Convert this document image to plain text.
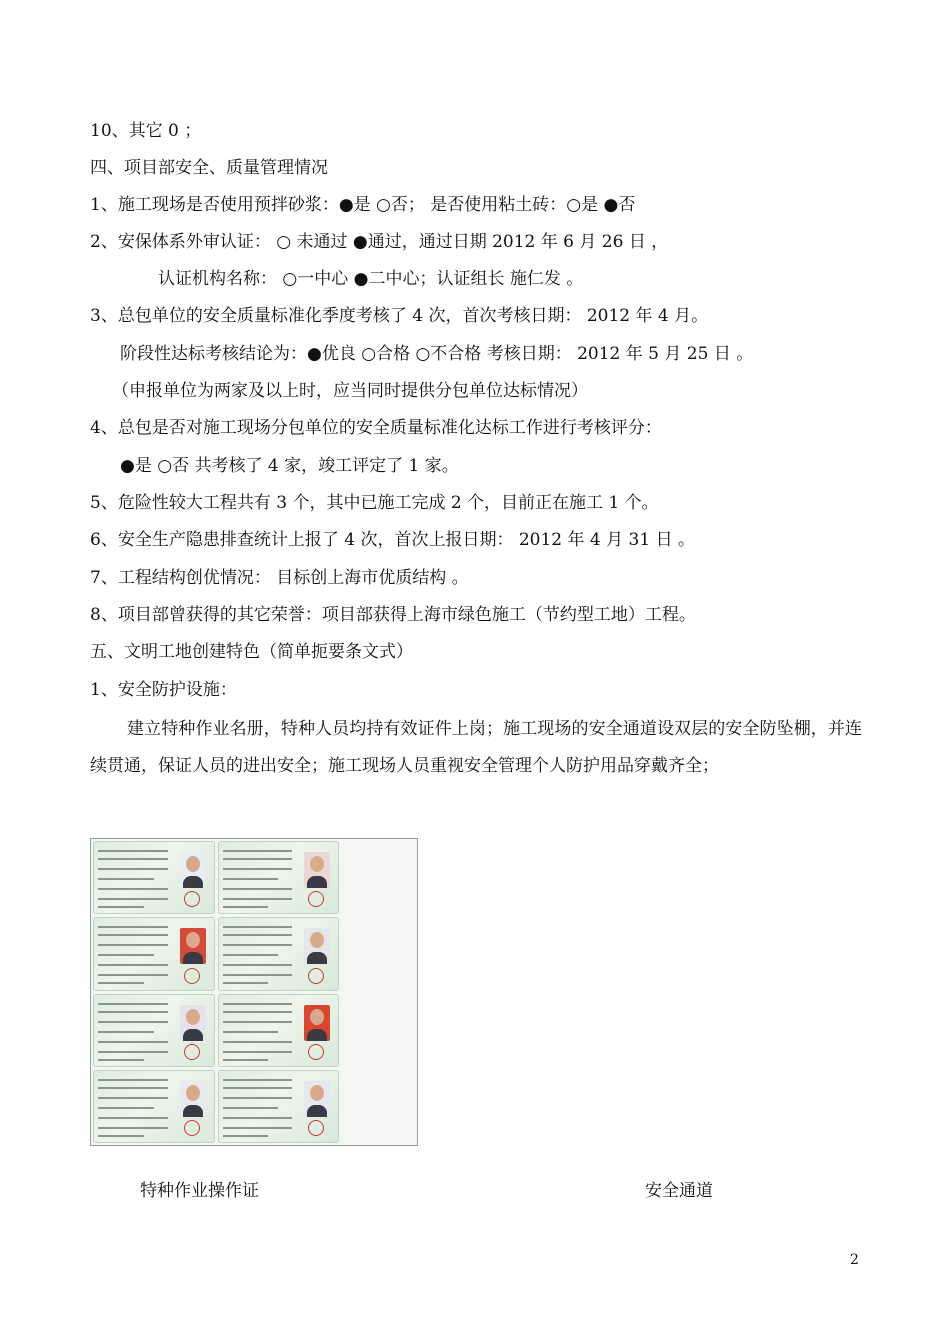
10、其它 0 ；
四、项目部安全、质量管理情况
1、施工现场是否使用预拌砂浆：●是 ○否； 是否使用粘土砖：○是 ●否
2、安保体系外审认证： ○ 未通过 ●通过，通过日期 2012 年 6 月 26 日 ，
认证机构名称： ○一中心 ●二中心；认证组长 施仁发 。
3、总包单位的安全质量标准化季度考核了 4 次，首次考核日期： 2012 年 4 月。
阶段性达标考核结论为：●优良 ○合格 ○不合格 考核日期： 2012 年 5 月 25 日 。
（申报单位为两家及以上时，应当同时提供分包单位达标情况）
4、总包是否对施工现场分包单位的安全质量标准化达标工作进行考核评分：
●是 ○否 共考核了 4 家，竣工评定了 1 家。
5、危险性较大工程共有 3 个，其中已施工完成 2 个，目前正在施工 1 个。
6、安全生产隐患排查统计上报了 4 次，首次上报日期： 2012 年 4 月 31 日 。
7、工程结构创优情况： 目标创上海市优质结构 。
8、项目部曾获得的其它荣誉：项目部获得上海市绿色施工（节约型工地）工程。
五、文明工地创建特色（简单扼要条文式）
1、安全防护设施：
建立特种作业名册，特种人员均持有效证件上岗；施工现场的安全通道设双层的安全防坠棚，并连续贯通，保证人员的进出安全；施工现场人员重视安全管理个人防护用品穿戴齐全；
特种作业操作证	安全通道
2
